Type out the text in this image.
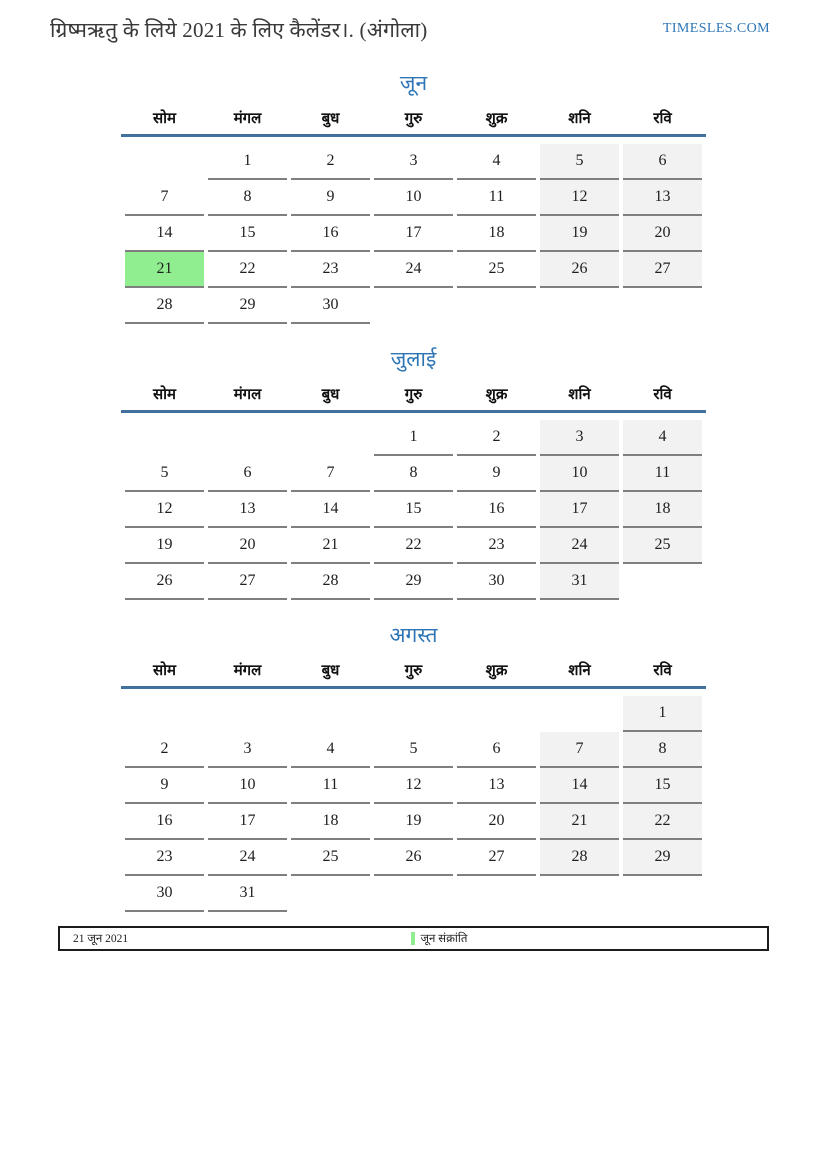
ग्रिष्मऋतु के लिये 2021 के लिए कैलेंडर।. (अंगोला)	TIMESLES.COM
जून
सोम	मंगल	बुध	गुरु	शुक्र	शनि	रवि
	1	2	3	4	5	6
7	8	9	10	11	12	13
14	15	16	17	18	19	20
21	22	23	24	25	26	27
28	29	30				
जुलाई
सोम	मंगल	बुध	गुरु	शुक्र	शनि	रवि
			1	2	3	4
5	6	7	8	9	10	11
12	13	14	15	16	17	18
19	20	21	22	23	24	25
26	27	28	29	30	31	
अगस्त
सोम	मंगल	बुध	गुरु	शुक्र	शनि	रवि
						1
2	3	4	5	6	7	8
9	10	11	12	13	14	15
16	17	18	19	20	21	22
23	24	25	26	27	28	29
30	31					
21 जून 2021	जून संक्रांति
